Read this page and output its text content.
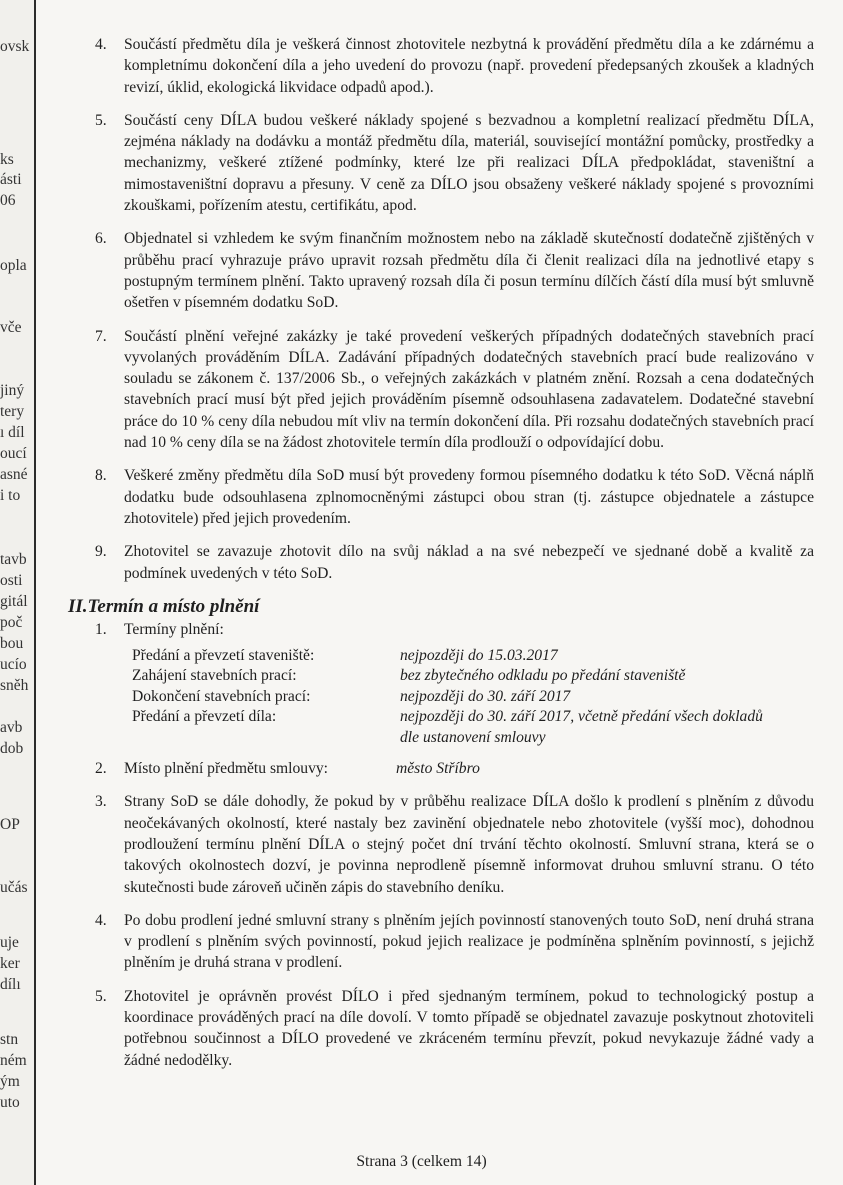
ovsk
ks
ásti
06
opla
vče
jiný
tery
ı díl
oucí
asné
i to
tavb
osti
gitál
poč
bou
ucío
sněh
avb
dob
OP
učás
uje
ker
dílı
stn
ném
ým
uto
4.	Součástí předmětu díla je veškerá činnost zhotovitele nezbytná k provádění předmětu díla a ke zdárnému a kompletnímu dokončení díla a jeho uvedení do provozu (např. provedení předepsaných zkoušek a kladných revizí, úklid, ekologická likvidace odpadů apod.).
5.	Součástí ceny DÍLA budou veškeré náklady spojené s bezvadnou a kompletní realizací předmětu DÍLA, zejména náklady na dodávku a montáž předmětu díla, materiál, související montážní pomůcky, prostředky a mechanizmy, veškeré ztížené podmínky, které lze při realizaci DÍLA předpokládat, staveništní a mimostaveništní dopravu a přesuny. V ceně za DÍLO jsou obsaženy veškeré náklady spojené s provozními zkouškami, pořízením atestu, certifikátu, apod.
6.	Objednatel si vzhledem ke svým finančním možnostem nebo na základě skutečností dodatečně zjištěných v průběhu prací vyhrazuje právo upravit rozsah předmětu díla či členit realizaci díla na jednotlivé etapy s postupným termínem plnění. Takto upravený rozsah díla či posun termínu dílčích částí díla musí být smluvně ošetřen v písemném dodatku SoD.
7.	Součástí plnění veřejné zakázky je také provedení veškerých případných dodatečných stavebních prací vyvolaných prováděním DÍLA. Zadávání případných dodatečných stavebních prací bude realizováno v souladu se zákonem č. 137/2006 Sb., o veřejných zakázkách v platném znění. Rozsah a cena dodatečných stavebních prací musí být před jejich prováděním písemně odsouhlasena zadavatelem. Dodatečné stavební práce do 10 % ceny díla nebudou mít vliv na termín dokončení díla. Při rozsahu dodatečných stavebních prací nad 10 % ceny díla se na žádost zhotovitele termín díla prodlouží o odpovídající dobu.
8.	Veškeré změny předmětu díla SoD musí být provedeny formou písemného dodatku k této SoD. Věcná náplň dodatku bude odsouhlasena zplnomocněnými zástupci obou stran (tj. zástupce objednatele a zástupce zhotovitele) před jejich provedením.
9.	Zhotovitel se zavazuje zhotovit dílo na svůj náklad a na své nebezpečí ve sjednané době a kvalitě za podmínek uvedených v této SoD.
II.Termín a místo plnění
1.	Termíny plnění:
Předání a převzetí staveniště:	nejpozději do 15.03.2017
Zahájení stavebních prací:	bez zbytečného odkladu po předání staveniště
Dokončení stavebních prací:	nejpozději do 30. září 2017
Předání a převzetí díla:	nejpozději do 30. září 2017, včetně předání všech dokladů dle ustanovení smlouvy
2.	Místo plnění předmětu smlouvy:	město Stříbro
3.	Strany SoD se dále dohodly, že pokud by v průběhu realizace DÍLA došlo k prodlení s plněním z důvodu neočekávaných okolností, které nastaly bez zavinění objednatele nebo zhotovitele (vyšší moc), dohodnou prodloužení termínu plnění DÍLA o stejný počet dní trvání těchto okolností. Smluvní strana, která se o takových okolnostech dozví, je povinna neprodleně písemně informovat druhou smluvní stranu. O této skutečnosti bude zároveň učiněn zápis do stavebního deníku.
4.	Po dobu prodlení jedné smluvní strany s plněním jejích povinností stanovených touto SoD, není druhá strana v prodlení s plněním svých povinností, pokud jejich realizace je podmíněna splněním povinností, s jejichž plněním je druhá strana v prodlení.
5.	Zhotovitel je oprávněn provést DÍLO i před sjednaným termínem, pokud to technologický postup a koordinace prováděných prací na díle dovolí. V tomto případě se objednatel zavazuje poskytnout zhotoviteli potřebnou součinnost a DÍLO provedené ve zkráceném termínu převzít, pokud nevykazuje žádné vady a žádné nedodělky.
Strana 3 (celkem 14)
